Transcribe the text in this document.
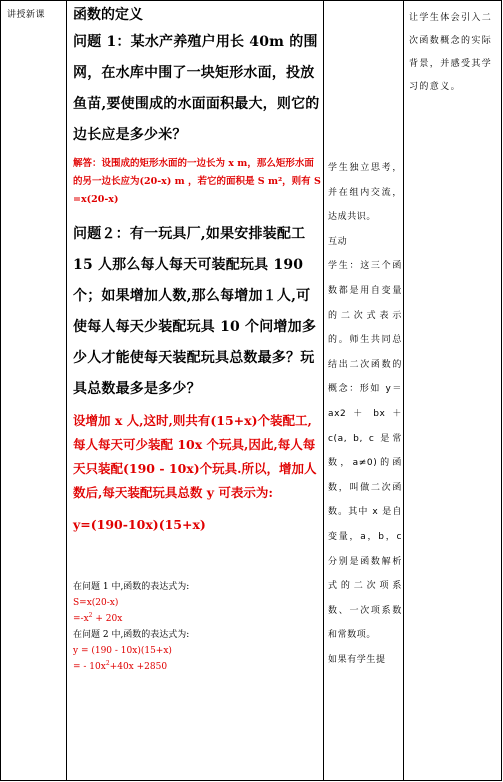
讲授新课 函数的定义

问题 1：某水产养殖户用长 40m 的围网，在水库中围了一块矩形水面，投放鱼苗,要使围成的水面面积最大，则它的边长应是多少米？

解答：设围成的矩形水面的一边长为 x m，那么矩形水面的另一边长应为(20-x) m ，若它的面积是 S m²，则有 S =x(20-x)

问题２：有一玩具厂,如果安排装配工 15 人那么每人每天可装配玩具 190 个；如果增加人数,那么每增加１人,可使每人每天少装配玩具 10 个问增加多少人才能使每天装配玩具总数最多？玩具总数最多是多少？

设增加 x 人,这时,则共有(15+x)个装配工,每人每天可少装配 10x 个玩具,因此,每人每天只装配(190 - 10x)个玩具.所以，增加人数后,每天装配玩具总数 y 可表示为:

y=(190-10x)(15+x)

在问题 1 中,函数的表达式为:

S=x(20-x)

$=-x^2 + 20x$

在问题 2 中,函数的表达式为:

y = (190 - 10x)(15+x)

= - $10x^2+40x +2850$

学生独立思考，并在组内交流，达成共识。

互动

学生：这三个函数都是用自变量的二次式表示的。师生共同总结出二次函数的概念：形如 y＝ax2 ＋ bx ＋ c(a, b, c 是常数，a≠0)的函数，叫做二次函数。其中 x 是自变量，a，b，c 分别是函数解析式的二次项系数、一次项系数和常数项。

如果有学生提

让学生体会引入二次函数概念的实际背景，并感受其学习的意义。
